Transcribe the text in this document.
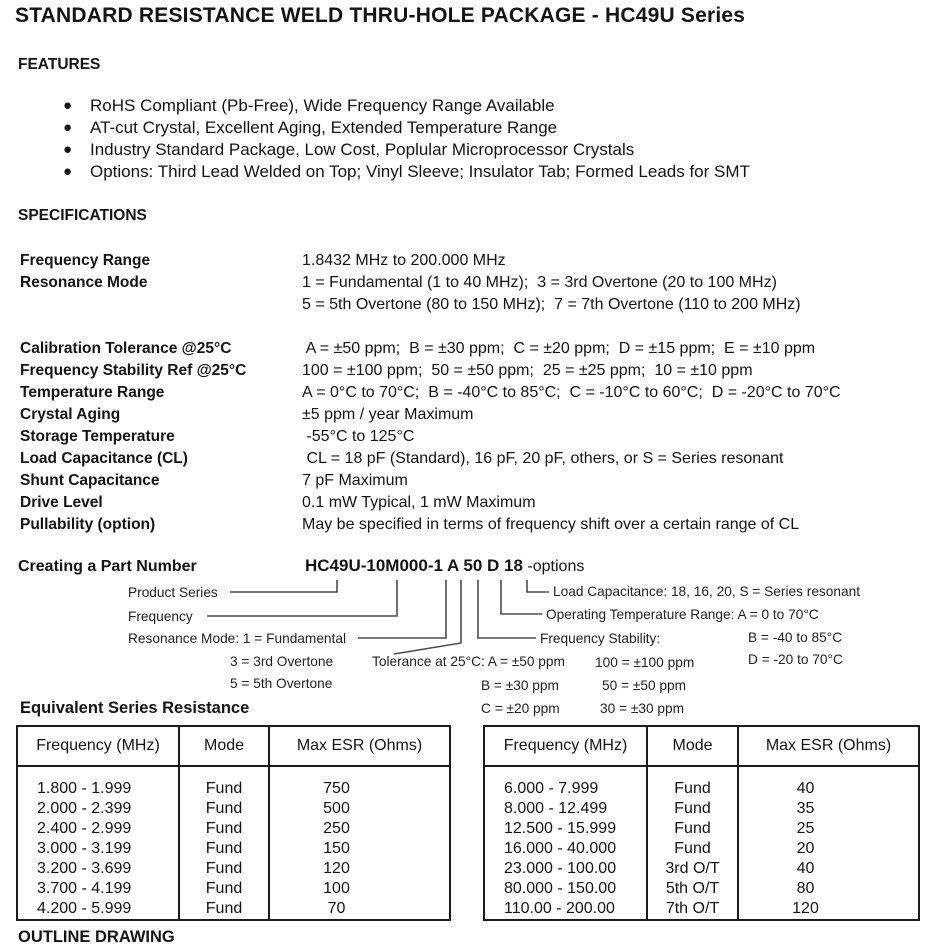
STANDARD RESISTANCE WELD THRU-HOLE PACKAGE - HC49U Series
FEATURES
●	RoHS Compliant (Pb-Free), Wide Frequency Range Available
●	AT-cut Crystal, Excellent Aging, Extended Temperature Range
●	Industry Standard Package, Low Cost, Poplular Microprocessor Crystals
●	Options: Third Lead Welded on Top; Vinyl Sleeve; Insulator Tab; Formed Leads for SMT
SPECIFICATIONS
Frequency Range	1.8432 MHz to 200.000 MHz
Resonance Mode	1 = Fundamental (1 to 40 MHz);  3 = 3rd Overtone (20 to 100 MHz)
5 = 5th Overtone (80 to 150 MHz);  7 = 7th Overtone (110 to 200 MHz)
Calibration Tolerance @25°C	A = ±50 ppm;  B = ±30 ppm;  C = ±20 ppm;  D = ±15 ppm;  E = ±10 ppm
Frequency Stability Ref @25°C	100 = ±100 ppm;  50 = ±50 ppm;  25 = ±25 ppm;  10 = ±10 ppm
Temperature Range	A = 0°C to 70°C;  B = -40°C to 85°C;  C = -10°C to 60°C;  D = -20°C to 70°C
Crystal Aging	±5 ppm / year Maximum
Storage Temperature	-55°C to 125°C
Load Capacitance (CL)	CL = 18 pF (Standard), 16 pF, 20 pF, others, or S = Series resonant
Shunt Capacitance	7 pF Maximum
Drive Level	0.1 mW Typical, 1 mW Maximum
Pullability (option)	May be specified in terms of frequency shift over a certain range of CL
Creating a Part Number	HC49U-10M000-1 A 50 D 18 -options
Product Series
Frequency
Resonance Mode: 1 = Fundamental
3 = 3rd Overtone
5 = 5th Overtone
Tolerance at 25°C: A = ±50 ppm
B = ±30 ppm
C = ±20 ppm
Frequency Stability:
100 = ±100 ppm
50 = ±50 ppm
30 = ±30 ppm
Operating Temperature Range: A = 0 to 70°C
B = -40 to 85°C
D = -20 to 70°C
Load Capacitance: 18, 16, 20, S = Series resonant
Equivalent Series Resistance
Frequency (MHz)	Mode	Max ESR (Ohms)

1.800 - 1.999	Fund	750
2.000 - 2.399	Fund	500
2.400 - 2.999	Fund	250
3.000 - 3.199	Fund	150
3.200 - 3.699	Fund	120
3.700 - 4.199	Fund	100
4.200 - 5.999	Fund	70
Frequency (MHz)	Mode	Max ESR (Ohms)

6.000 - 7.999	Fund	40
8.000 - 12.499	Fund	35
12.500 - 15.999	Fund	25
16.000 - 40.000	Fund	20
23.000 - 100.00	3rd O/T	40
80.000 - 150.00	5th O/T	80
110.00 - 200.00	7th O/T	120
OUTLINE DRAWING
